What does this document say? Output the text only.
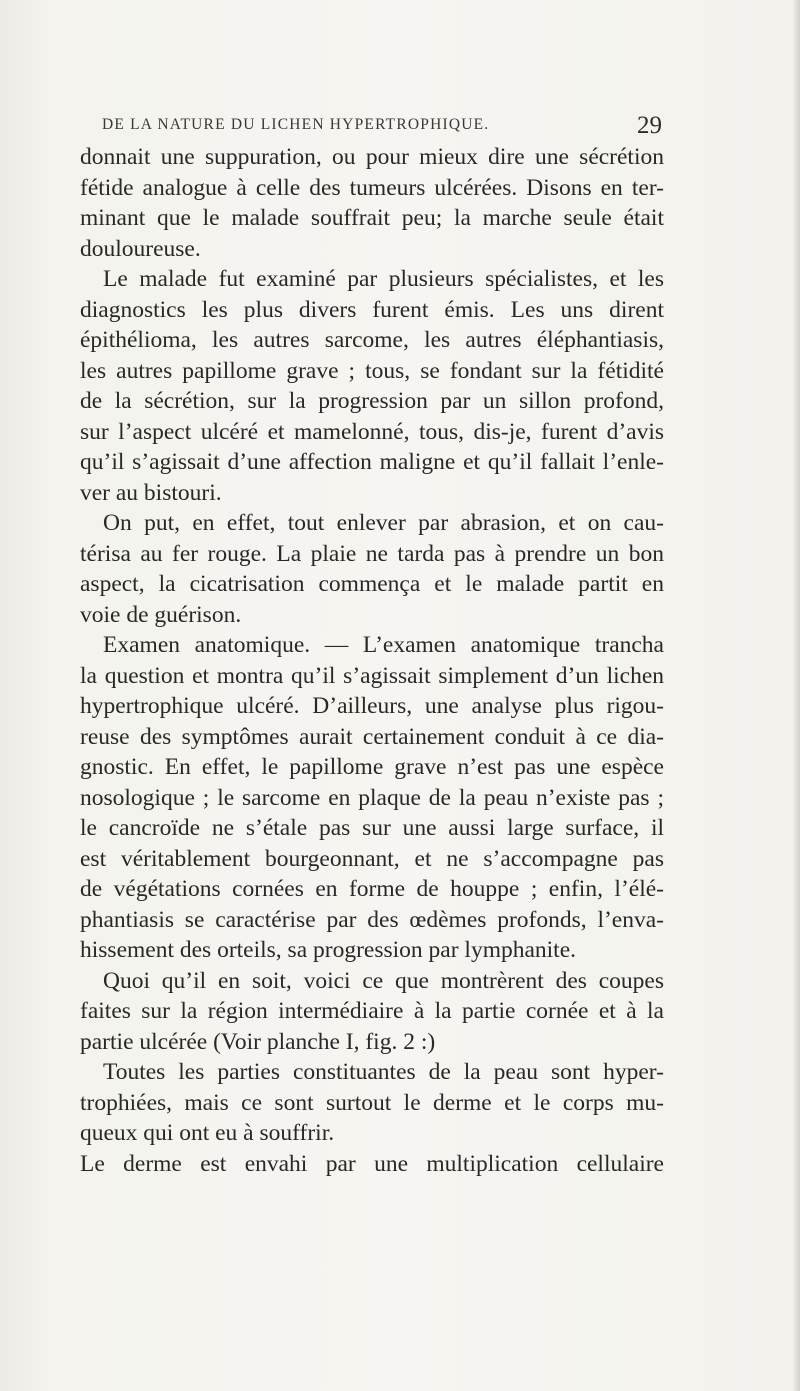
DE LA NATURE DU LICHEN HYPERTROPHIQUE.	29
donnait une suppuration, ou pour mieux dire une sécrétion
fétide analogue à celle des tumeurs ulcérées. Disons en ter-
minant que le malade souffrait peu; la marche seule était
douloureuse.
Le malade fut examiné par plusieurs spécialistes, et les
diagnostics les plus divers furent émis. Les uns dirent
épithélioma, les autres sarcome, les autres éléphantiasis,
les autres papillome grave ; tous, se fondant sur la fétidité
de la sécrétion, sur la progression par un sillon profond,
sur l’aspect ulcéré et mamelonné, tous, dis-je, furent d’avis
qu’il s’agissait d’une affection maligne et qu’il fallait l’enle-
ver au bistouri.
On put, en effet, tout enlever par abrasion, et on cau-
térisa au fer rouge. La plaie ne tarda pas à prendre un bon
aspect, la cicatrisation commença et le malade partit en
voie de guérison.
Examen anatomique. — L’examen anatomique trancha
la question et montra qu’il s’agissait simplement d’un lichen
hypertrophique ulcéré. D’ailleurs, une analyse plus rigou-
reuse des symptômes aurait certainement conduit à ce dia-
gnostic. En effet, le papillome grave n’est pas une espèce
nosologique ; le sarcome en plaque de la peau n’existe pas ;
le cancroïde ne s’étale pas sur une aussi large surface, il
est véritablement bourgeonnant, et ne s’accompagne pas
de végétations cornées en forme de houppe ; enfin, l’élé-
phantiasis se caractérise par des œdèmes profonds, l’enva-
hissement des orteils, sa progression par lymphanite.
Quoi qu’il en soit, voici ce que montrèrent des coupes
faites sur la région intermédiaire à la partie cornée et à la
partie ulcérée (Voir planche I, fig. 2 :)
Toutes les parties constituantes de la peau sont hyper-
trophiées, mais ce sont surtout le derme et le corps mu-
queux qui ont eu à souffrir.
Le derme est envahi par une multiplication cellulaire
